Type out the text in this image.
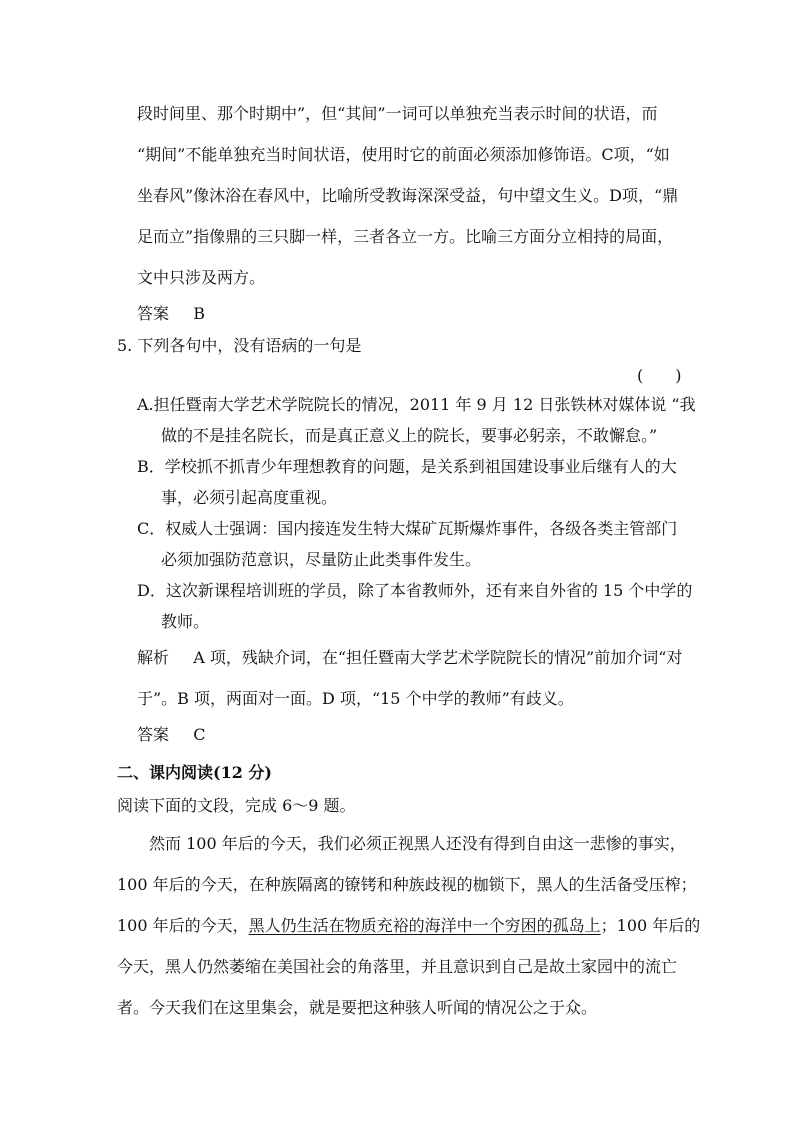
段时间里、那个时期中”，但“其间”一词可以单独充当表示时间的状语，而
“期间”不能单独充当时间状语，使用时它的前面必须添加修饰语。C项，“如
坐春风”像沐浴在春风中，比喻所受教诲深深受益，句中望文生义。D项，“鼎
足而立”指像鼎的三只脚一样，三者各立一方。比喻三方面分立相持的局面，
文中只涉及两方。
答案 B
5. 下列各句中，没有语病的一句是
(　　)
A.担任暨南大学艺术学院院长的情况，2011 年 9 月 12 日张铁林对媒体说 “我
做的不是挂名院长，而是真正意义上的院长，要事必躬亲，不敢懈怠。”
B．学校抓不抓青少年理想教育的问题，是关系到祖国建设事业后继有人的大
事，必须引起高度重视。
C．权威人士强调：国内接连发生特大煤矿瓦斯爆炸事件，各级各类主管部门
必须加强防范意识，尽量防止此类事件发生。
D．这次新课程培训班的学员，除了本省教师外，还有来自外省的 15 个中学的
教师。
解析 A 项，残缺介词，在“担任暨南大学艺术学院院长的情况”前加介词“对
于”。B 项，两面对一面。D 项，“15 个中学的教师”有歧义。
答案 C
二、课内阅读(12 分)
阅读下面的文段，完成 6～9 题。
然而 100 年后的今天，我们必须正视黑人还没有得到自由这一悲惨的事实，
100 年后的今天，在种族隔离的镣铐和种族歧视的枷锁下，黑人的生活备受压榨；
100 年后的今天，黑人仍生活在物质充裕的海洋中一个穷困的孤岛上；100 年后的
今天，黑人仍然萎缩在美国社会的角落里，并且意识到自己是故土家园中的流亡
者。今天我们在这里集会，就是要把这种骇人听闻的情况公之于众。
